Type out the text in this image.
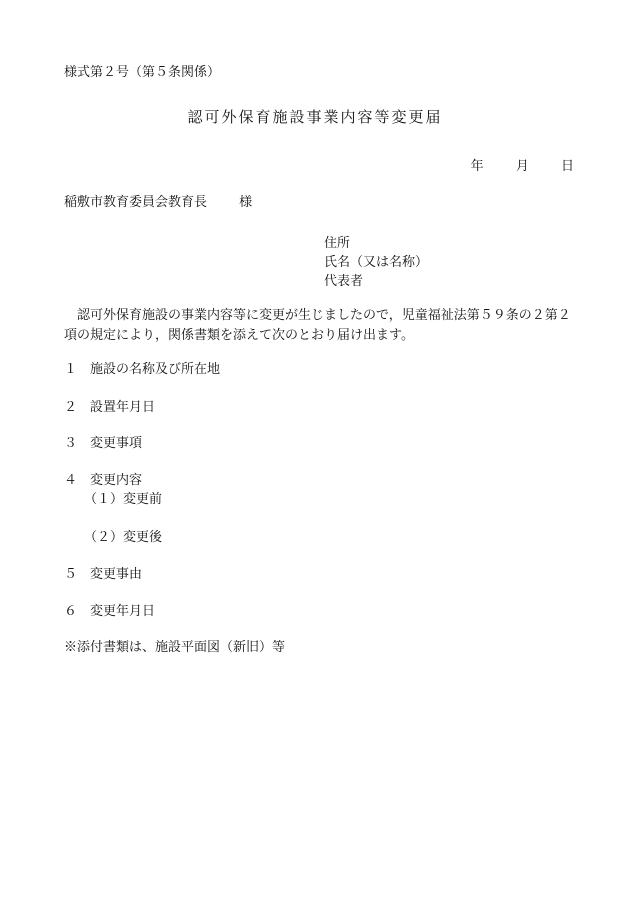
様式第２号（第５条関係）
認可外保育施設事業内容等変更届
年 月 日
稲敷市教育委員会教育長 様
住所
氏名（又は名称）
代表者
認可外保育施設の事業内容等に変更が生じましたので，児童福祉法第５９条の２第２
項の規定により，関係書類を添えて次のとおり届け出ます。
１ 施設の名称及び所在地
２ 設置年月日
３ 変更事項
４ 変更内容
（１）変更前
（２）変更後
５ 変更事由
６ 変更年月日
※添付書類は、施設平面図（新旧）等
